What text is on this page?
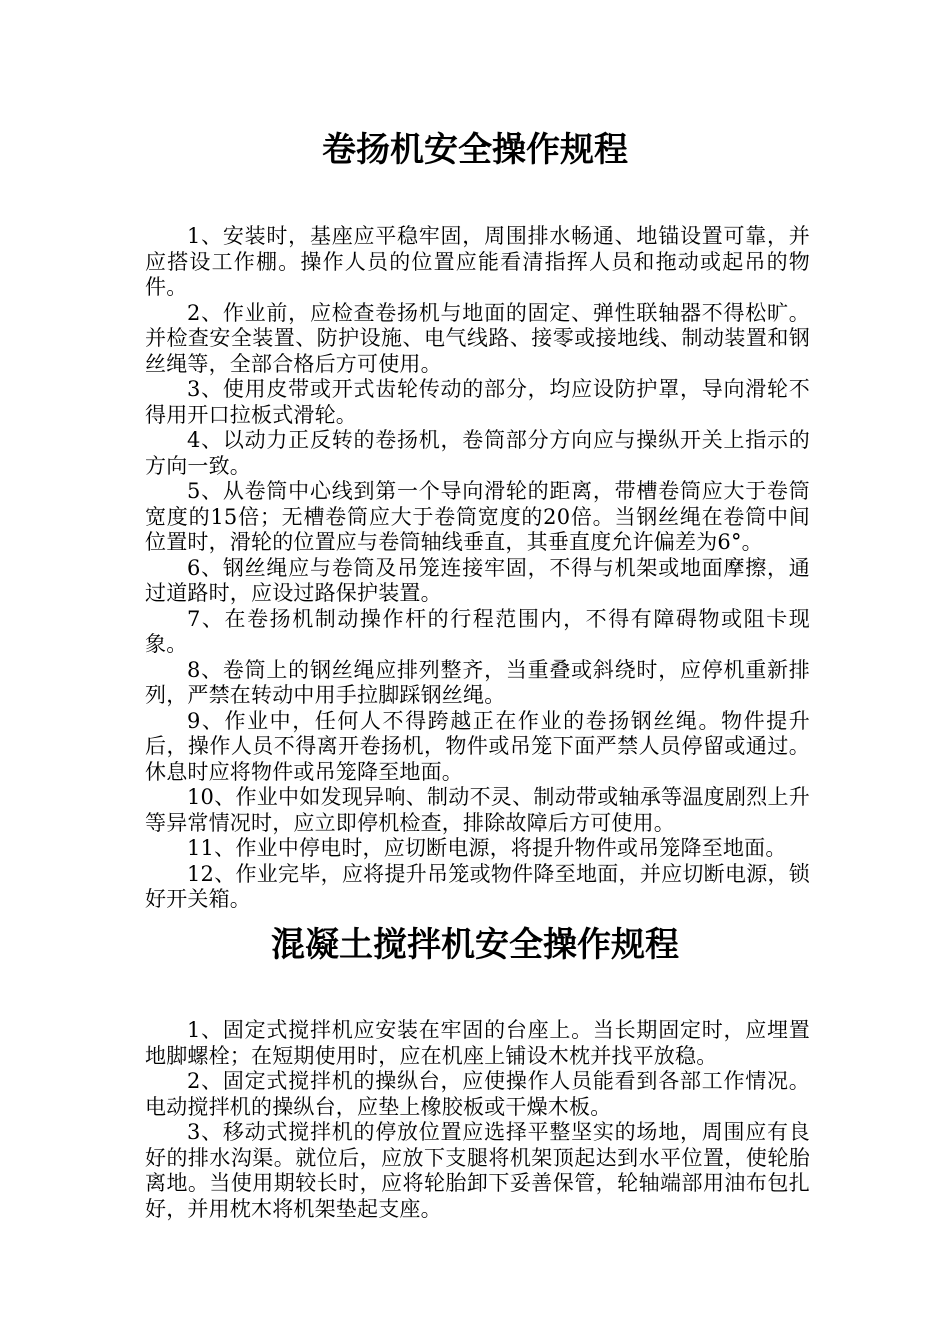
卷扬机安全操作规程

1、安装时，基座应平稳牢固，周围排水畅通、地锚设置可靠，并应搭设工作棚。操作人员的位置应能看清指挥人员和拖动或起吊的物件。

2、作业前，应检查卷扬机与地面的固定、弹性联轴器不得松旷。并检查安全装置、防护设施、电气线路、接零或接地线、制动装置和钢丝绳等，全部合格后方可使用。

3、使用皮带或开式齿轮传动的部分，均应设防护罩，导向滑轮不得用开口拉板式滑轮。

4、以动力正反转的卷扬机，卷筒部分方向应与操纵开关上指示的方向一致。

5、从卷筒中心线到第一个导向滑轮的距离，带槽卷筒应大于卷筒宽度的15倍；无槽卷筒应大于卷筒宽度的20倍。当钢丝绳在卷筒中间位置时，滑轮的位置应与卷筒轴线垂直，其垂直度允许偏差为6°。

6、钢丝绳应与卷筒及吊笼连接牢固，不得与机架或地面摩擦，通过道路时，应设过路保护装置。

7、在卷扬机制动操作杆的行程范围内，不得有障碍物或阻卡现象。

8、卷筒上的钢丝绳应排列整齐，当重叠或斜绕时，应停机重新排列，严禁在转动中用手拉脚踩钢丝绳。

9、作业中，任何人不得跨越正在作业的卷扬钢丝绳。物件提升后，操作人员不得离开卷扬机，物件或吊笼下面严禁人员停留或通过。休息时应将物件或吊笼降至地面。

10、作业中如发现异响、制动不灵、制动带或轴承等温度剧烈上升等异常情况时，应立即停机检查，排除故障后方可使用。

11、作业中停电时，应切断电源，将提升物件或吊笼降至地面。

12、作业完毕，应将提升吊笼或物件降至地面，并应切断电源，锁好开关箱。

混凝土搅拌机安全操作规程

1、固定式搅拌机应安装在牢固的台座上。当长期固定时，应埋置地脚螺栓；在短期使用时，应在机座上铺设木枕并找平放稳。

2、固定式搅拌机的操纵台，应使操作人员能看到各部工作情况。电动搅拌机的操纵台，应垫上橡胶板或干燥木板。

3、移动式搅拌机的停放位置应选择平整坚实的场地，周围应有良好的排水沟渠。就位后，应放下支腿将机架顶起达到水平位置，使轮胎离地。当使用期较长时，应将轮胎卸下妥善保管，轮轴端部用油布包扎好，并用枕木将机架垫起支座。
